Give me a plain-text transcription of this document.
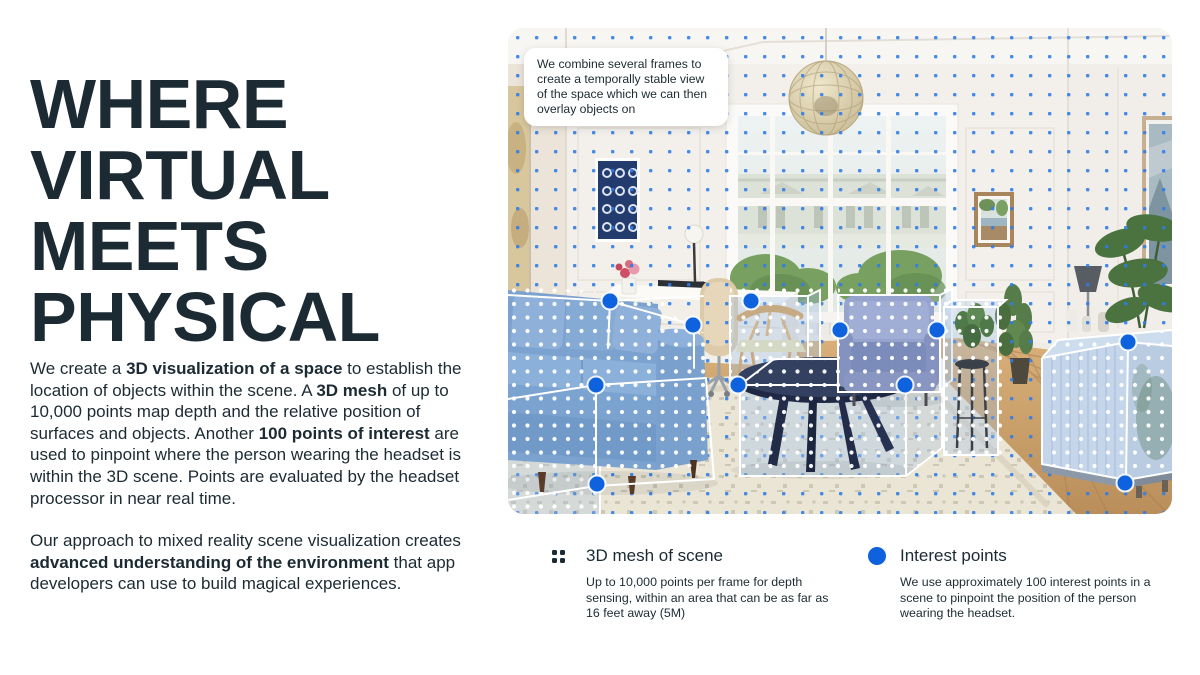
WHERE
VIRTUAL
MEETS
PHYSICAL

We create a 3D visualization of a space to establish the location of objects within the scene. A 3D mesh of up to 10,000 points map depth and the relative position of surfaces and objects. Another 100 points of interest are used to pinpoint where the person wearing the headset is within the 3D scene. Points are evaluated by the headset processor in near real time.

Our approach to mixed reality scene visualization creates advanced understanding of the environment that app developers can use to build magical experiences.

We combine several frames to
create a temporally stable view
of the space which we can then
overlay objects on
3D mesh of scene
Up to 10,000 points per frame for depth sensing, within an area that can be as far as 16 feet away (5M)
Interest points
We use approximately 100 interest points in a scene to pinpoint the position of the person wearing the headset.
